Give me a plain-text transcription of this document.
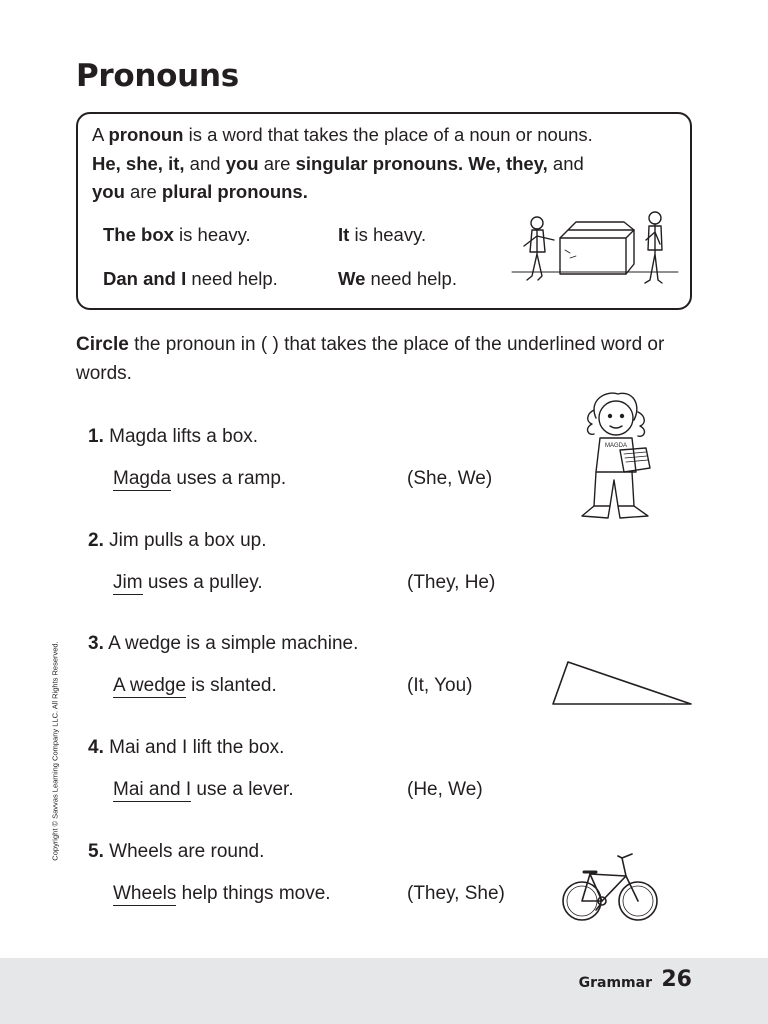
Pronouns
A pronoun is a word that takes the place of a noun or nouns.
He, she, it, and you are singular pronouns. We, they, and
you are plural pronouns.
The box is heavy.	It is heavy.
Dan and I need help.	We need help.
Circle the pronoun in ( ) that takes the place of the underlined word or words.
1. Magda lifts a box.
Magda uses a ramp.	(She, We)
2. Jim pulls a box up.
Jim uses a pulley.	(They, He)
3. A wedge is a simple machine.
A wedge is slanted.	(It, You)
4. Mai and I lift the box.
Mai and I use a lever.	(He, We)
5. Wheels are round.
Wheels help things move.	(They, She)
MAGDA
Copyright © Savvas Learning Company LLC. All Rights Reserved.
Grammar 26
